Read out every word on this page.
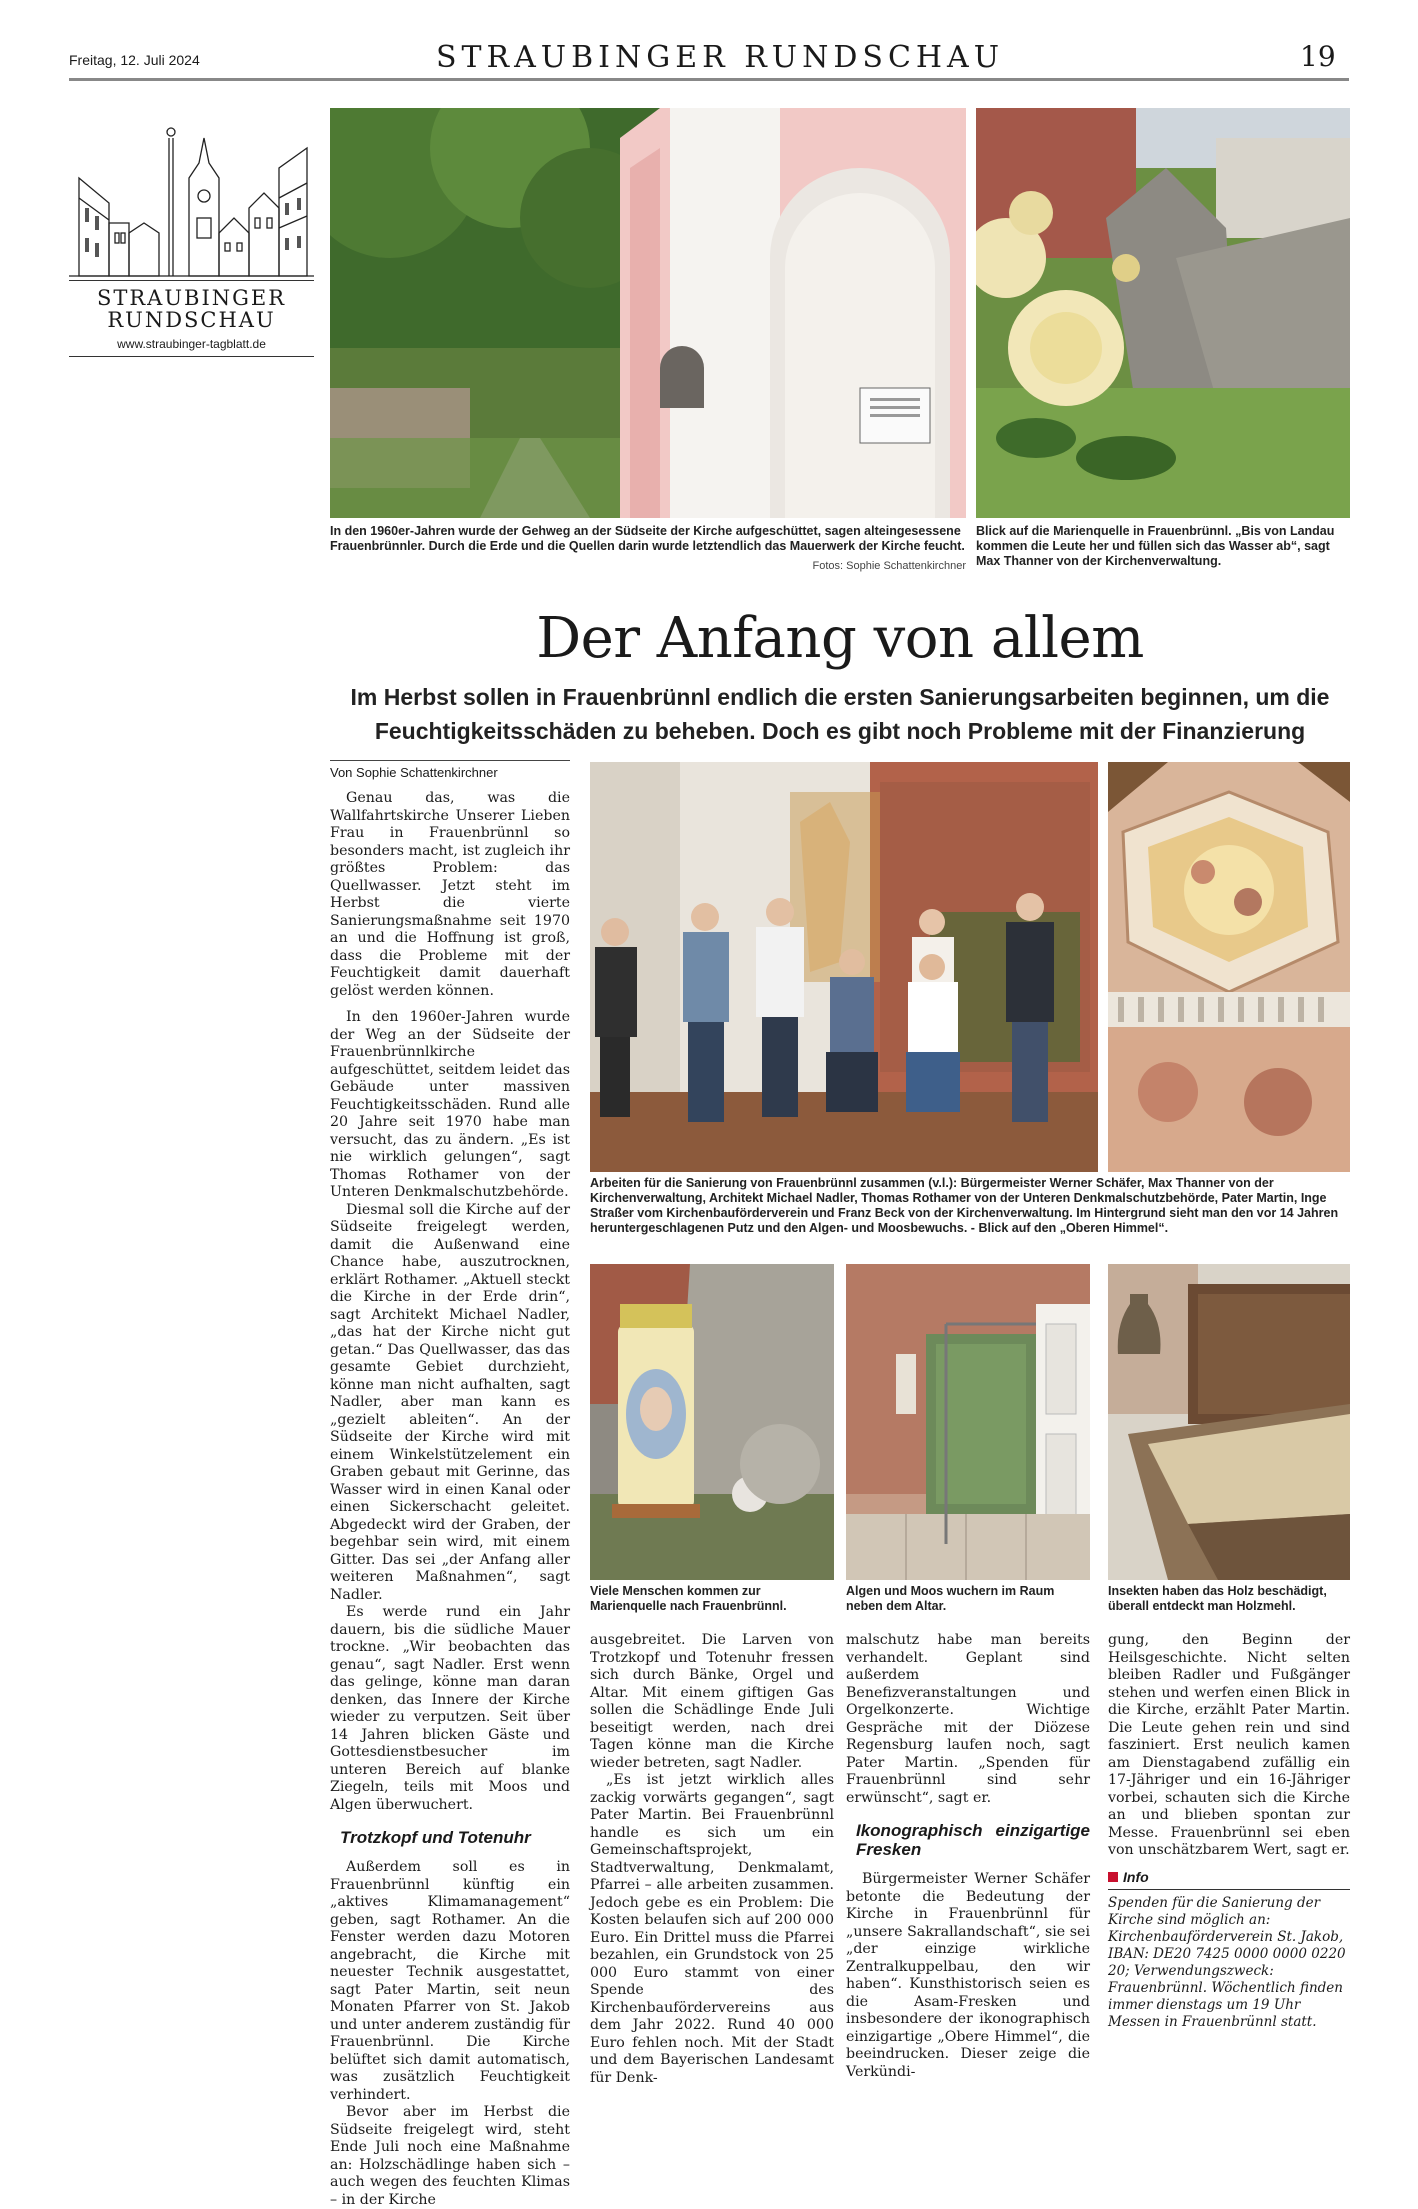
Freitag, 12. Juli 2024	STRAUBINGER RUNDSCHAU	19
STRAUBINGER
RUNDSCHAU
www.straubinger-tagblatt.de
In den 1960er-Jahren wurde der Gehweg an der Südseite der Kirche aufgeschüttet, sagen alteingesessene Frauenbrünnler. Durch die Erde und die Quellen darin wurde letztendlich das Mauerwerk der Kirche feucht.
Fotos: Sophie Schattenkirchner
Blick auf die Marienquelle in Frauenbrünnl. „Bis von Landau kommen die Leute her und füllen sich das Wasser ab“, sagt Max Thanner von der Kirchenverwaltung.
Der Anfang von allem
Im Herbst sollen in Frauenbrünnl endlich die ersten Sanierungsarbeiten beginnen, um die Feuchtigkeitsschäden zu beheben. Doch es gibt noch Probleme mit der Finanzierung
Von Sophie Schattenkirchner

Genau das, was die Wallfahrtskirche Unserer Lieben Frau in Frauenbrünnl so besonders macht, ist zugleich ihr größtes Problem: das Quellwasser. Jetzt steht im Herbst die vierte Sanierungsmaßnahme seit 1970 an und die Hoffnung ist groß, dass die Probleme mit der Feuchtigkeit damit dauerhaft gelöst werden können.

In den 1960er-Jahren wurde der Weg an der Südseite der Frauenbrünnlkirche aufgeschüttet, seitdem leidet das Gebäude unter massiven Feuchtigkeitsschäden. Rund alle 20 Jahre seit 1970 habe man versucht, das zu ändern. „Es ist nie wirklich gelungen“, sagt Thomas Rothamer von der Unteren Denkmalschutzbehörde.

Diesmal soll die Kirche auf der Südseite freigelegt werden, damit die Außenwand eine Chance habe, auszutrocknen, erklärt Rothamer. „Aktuell steckt die Kirche in der Erde drin“, sagt Architekt Michael Nadler, „das hat der Kirche nicht gut getan.“ Das Quellwasser, das das gesamte Gebiet durchzieht, könne man nicht aufhalten, sagt Nadler, aber man kann es „gezielt ableiten“. An der Südseite der Kirche wird mit einem Winkelstützelement ein Graben gebaut mit Gerinne, das Wasser wird in einen Kanal oder einen Sickerschacht geleitet. Abgedeckt wird der Graben, der begehbar sein wird, mit einem Gitter. Das sei „der Anfang aller weiteren Maßnahmen“, sagt Nadler.

Es werde rund ein Jahr dauern, bis die südliche Mauer trockne. „Wir beobachten das genau“, sagt Nadler. Erst wenn das gelinge, könne man daran denken, das Innere der Kirche wieder zu verputzen. Seit über 14 Jahren blicken Gäste und Gottesdienstbesucher im unteren Bereich auf blanke Ziegeln, teils mit Moos und Algen überwuchert.

Trotzkopf und Totenuhr

Außerdem soll es in Frauenbrünnl künftig ein „aktives Klimamanagement“ geben, sagt Rothamer. An die Fenster werden dazu Motoren angebracht, die Kirche mit neuester Technik ausgestattet, sagt Pater Martin, seit neun Monaten Pfarrer von St. Jakob und unter anderem zuständig für Frauenbrünnl. Die Kirche belüftet sich damit automatisch, was zusätzlich Feuchtigkeit verhindert.

Bevor aber im Herbst die Südseite freigelegt wird, steht Ende Juli noch eine Maßnahme an: Holzschädlinge haben sich – auch wegen des feuchten Klimas – in der Kirche

Arbeiten für die Sanierung von Frauenbrünnl zusammen (v.l.): Bürgermeister Werner Schäfer, Max Thanner von der Kirchenverwaltung, Architekt Michael Nadler, Thomas Rothamer von der Unteren Denkmalschutzbehörde, Pater Martin, Inge Straßer vom Kirchenbauförderverein und Franz Beck von der Kirchenverwaltung. Im Hintergrund sieht man den vor 14 Jahren heruntergeschlagenen Putz und den Algen- und Moosbewuchs. - Blick auf den „Oberen Himmel“.

ausgebreitet. Die Larven von Trotzkopf und Totenuhr fressen sich durch Bänke, Orgel und Altar. Mit einem giftigen Gas sollen die Schädlinge Ende Juli beseitigt werden, nach drei Tagen könne man die Kirche wieder betreten, sagt Nadler.

„Es ist jetzt wirklich alles zackig vorwärts gegangen“, sagt Pater Martin. Bei Frauenbrünnl handle es sich um ein Gemeinschaftsprojekt, Stadtverwaltung, Denkmalamt, Pfarrei – alle arbeiten zusammen. Jedoch gebe es ein Problem: Die Kosten belaufen sich auf 200 000 Euro. Ein Drittel muss die Pfarrei bezahlen, ein Grundstock von 25 000 Euro stammt von einer Spende des Kirchenbaufördervereins aus dem Jahr 2022. Rund 40 000 Euro fehlen noch. Mit der Stadt und dem Bayerischen Landesamt für Denk-

Viele Menschen kommen zur Marienquelle nach Frauenbrünnl.
Algen und Moos wuchern im Raum neben dem Altar.
Insekten haben das Holz beschädigt, überall entdeckt man Holzmehl.

malschutz habe man bereits verhandelt. Geplant sind außerdem Benefizveranstaltungen und Orgelkonzerte. Wichtige Gespräche mit der Diözese Regensburg laufen noch, sagt Pater Martin. „Spenden für Frauenbrünnl sind sehr erwünscht“, sagt er.

Ikonographisch einzigartige Fresken

Bürgermeister Werner Schäfer betonte die Bedeutung der Kirche in Frauenbrünnl für „unsere Sakrallandschaft“, sie sei „der einzige wirkliche Zentralkuppelbau, den wir haben“. Kunsthistorisch seien es die Asam-Fresken und insbesondere der ikonographisch einzigartige „Obere Himmel“, die beeindrucken. Dieser zeige die Verkündi-

gung, den Beginn der Heilsgeschichte. Nicht selten bleiben Radler und Fußgänger stehen und werfen einen Blick in die Kirche, erzählt Pater Martin. Die Leute gehen rein und sind fasziniert. Erst neulich kamen am Dienstagabend zufällig ein 17-Jähriger und ein 16-Jähriger vorbei, schauten sich die Kirche an und blieben spontan zur Messe. Frauenbrünnl sei eben von unschätzbarem Wert, sagt er.

Info
Spenden für die Sanierung der Kirche sind möglich an: Kirchenbauförderverein St. Jakob, IBAN: DE20 7425 0000 0000 0220 20; Verwendungszweck: Frauenbrünnl. Wöchentlich finden immer dienstags um 19 Uhr Messen in Frauenbrünnl statt.
